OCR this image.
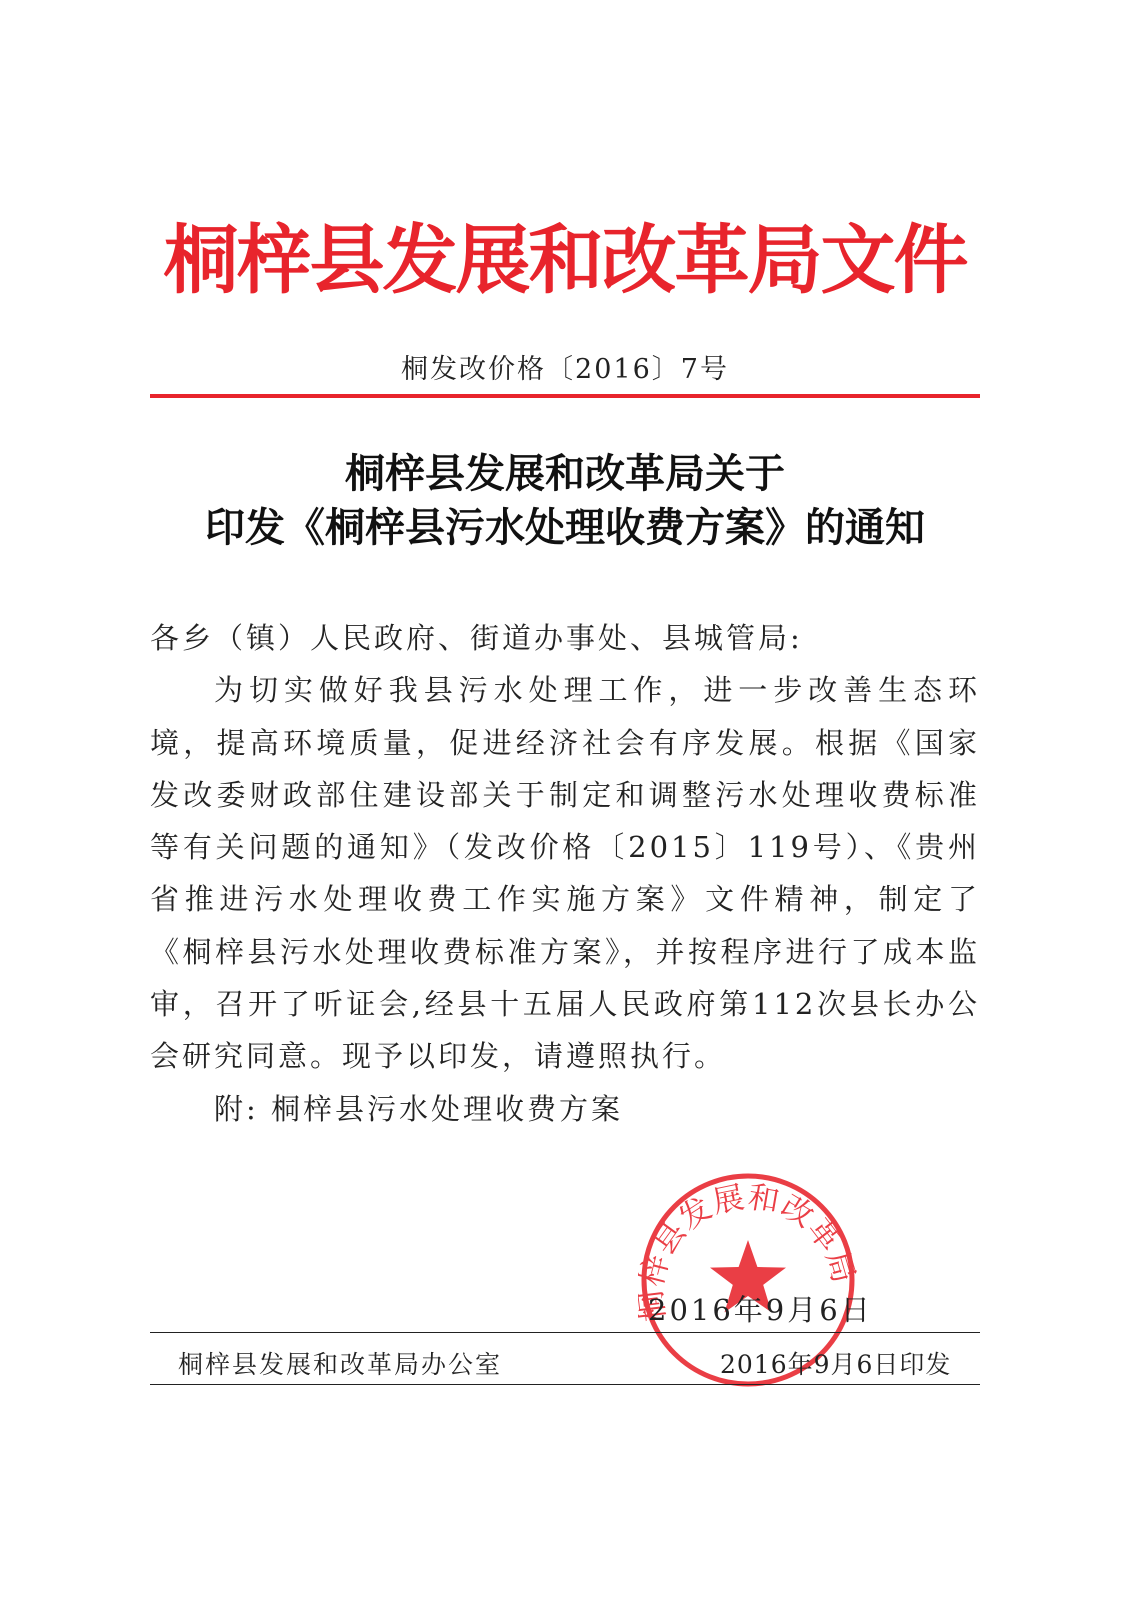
桐梓县发展和改革局文件
桐发改价格〔2016〕7号
桐梓县发展和改革局关于
印发《桐梓县污水处理收费方案》的通知

各乡（镇）人民政府、街道办事处、县城管局:

为切实做好我县污水处理工作，进一步改善生态环境，提高环境质量，促进经济社会有序发展。根据《国家发改委财政部住建设部关于制定和调整污水处理收费标准等有关问题的通知》（发改价格〔2015〕119号）、《贵州省推进污水处理收费工作实施方案》文件精神，制定了《桐梓县污水处理收费标准方案》，并按程序进行了成本监审，召开了听证会,经县十五届人民政府第112次县长办公会研究同意。现予以印发，请遵照执行。

附: 桐梓县污水处理收费方案

县发展和改革局
2016年9月6日
桐梓县发展和改革局办公室	2016年9月6日印发
